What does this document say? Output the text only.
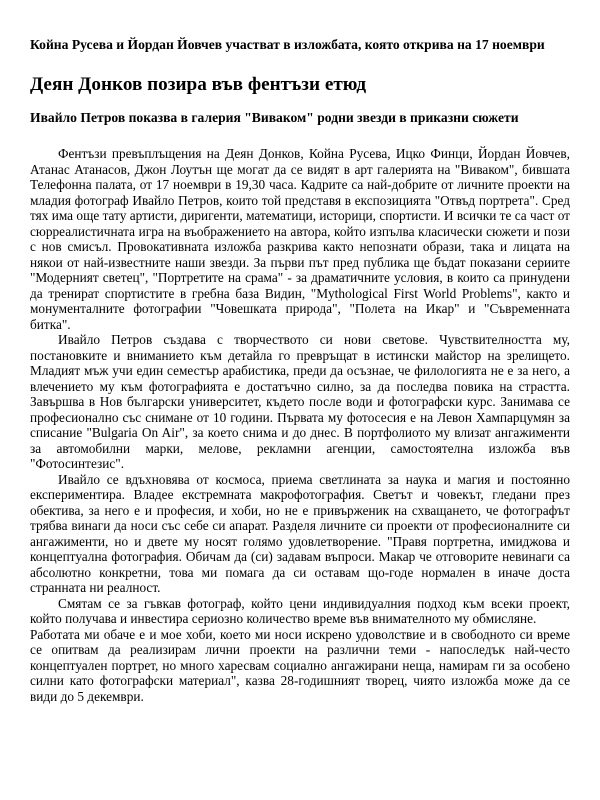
Койна Русева и Йордан Йовчев участват в изложбата, която открива на 17 ноември
Деян Донков позира във фентъзи етюд
Ивайло Петров показва в галерия "Виваком" родни звезди в приказни сюжети

Фентъзи превъплъщения на Деян Донков, Койна Русева, Ицко Финци, Йордан Йовчев, Атанас Атанасов, Джон Лоутън ще могат да се видят в арт галерията на "Виваком", бившата Телефонна палата, от 17 ноември в 19,30 часа. Кадрите са най-добрите от личните проекти на младия фотограф Ивайло Петров, които той представя в експозицията "Отвъд портрета". Сред тях има още тату артисти, диригенти, математици, историци, спортисти. И всички те са част от сюрреалистичната игра на въображението на автора, който изпълва класически сюжети и пози с нов смисъл. Провокативната изложба разкрива както непознати образи, така и лицата на някои от най-известните наши звезди. За първи път пред публика ще бъдат показани сериите "Модерният светец", "Портретите на срама" - за драматичните условия, в които са принудени да тренират спортистите в гребна база Видин, "Mythological First World Problems", както и монументалните фотографии "Човешката природа", "Полета на Икар" и "Съвременната битка".

Ивайло Петров създава с творчеството си нови светове. Чувствителността му, постановките и вниманието към детайла го превръщат в истински майстор на зрелището. Младият мъж учи един семестър арабистика, преди да осъзнае, че филологията не е за него, а влечението му към фотографията е достатъчно силно, за да последва повика на страстта. Завършва в Нов български университет, където после води и фотографски курс. Занимава се професионално със снимане от 10 години. Първата му фотосесия е на Левон Хампарцумян за списание "Bulgaria On Air", за което снима и до днес. В портфолиото му влизат ангажименти за автомобилни марки, мелове, рекламни агенции, самостоятелна изложба във "Фотосинтезис".

Ивайло се вдъхновява от космоса, приема светлината за наука и магия и постоянно експериментира. Владее екстремната макрофотография. Светът и човекът, гледани през обектива, за него е и професия, и хоби, но не е привърженик на схващането, че фотографът трябва винаги да носи със себе си апарат. Разделя личните си проекти от професионалните си ангажименти, но и двете му носят голямо удовлетворение. "Правя портретна, имиджова и концептуална фотография. Обичам да (си) задавам въпроси. Макар че отговорите невинаги са абсолютно конкретни, това ми помага да си оставам що-годе нормален в иначе доста странната ни реалност.

Смятам се за гъвкав фотограф, който цени индивидуалния подход към всеки проект, който получава и инвестира сериозно количество време във внимателното му обмисляне.

Работата ми обаче е и мое хоби, което ми носи искрено удоволствие и в свободното си време се опитвам да реализирам лични проекти на различни теми - напоследък най-често концептуален портрет, но много харесвам социално ангажирани неща, намирам ги за особено силни като фотографски материал", казва 28-годишният творец, чиято изложба може да се види до 5 декември.
